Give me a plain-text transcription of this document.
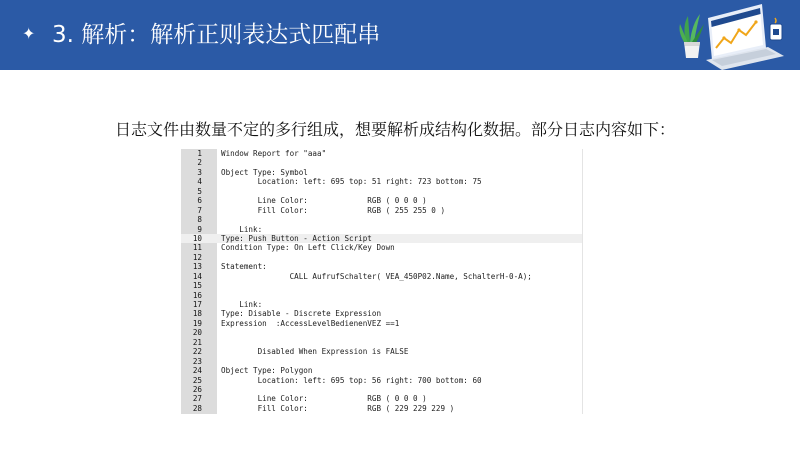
✦ 3. 解析：解析正则表达式匹配串
日志文件由数量不定的多行组成，想要解析成结构化数据。部分日志内容如下：
1	Window Report for "aaa"
2
3	Object Type: Symbol
4	Location: left: 695 top: 51 right: 723 bottom: 75
5
6	Line Color:             RGB ( 0 0 0 )
7	Fill Color:             RGB ( 255 255 0 )
8
9	Link:
10	Type: Push Button - Action Script
11	Condition Type: On Left Click/Key Down
12
13	Statement:
14	CALL AufrufSchalter( VEA_450P02.Name, SchalterH-0-A);
15
16
17	Link:
18	Type: Disable - Discrete Expression
19	Expression  :AccessLevelBedienenVEZ ==1
20
21
22	Disabled When Expression is FALSE
23
24	Object Type: Polygon
25	Location: left: 695 top: 56 right: 700 bottom: 60
26
27	Line Color:             RGB ( 0 0 0 )
28	Fill Color:             RGB ( 229 229 229 )
